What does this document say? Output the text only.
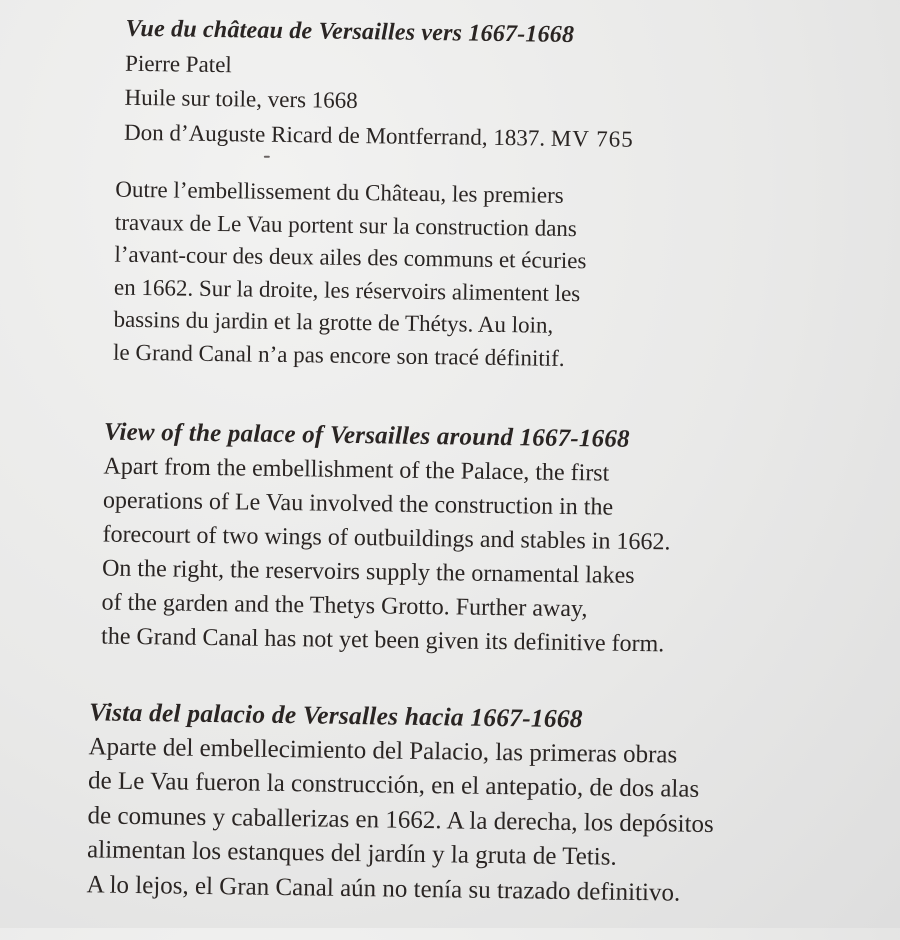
Vue du château de Versailles vers 1667-1668
Pierre Patel
Huile sur toile, vers 1668
Don d’Auguste Ricard de Montferrand, 1837. MV 765
Outre l’embellissement du Château, les premiers
travaux de Le Vau portent sur la construction dans
l’avant-cour des deux ailes des communs et écuries
en 1662. Sur la droite, les réservoirs alimentent les
bassins du jardin et la grotte de Thétys. Au loin,
le Grand Canal n’a pas encore son tracé définitif.
View of the palace of Versailles around 1667-1668
Apart from the embellishment of the Palace, the first
operations of Le Vau involved the construction in the
forecourt of two wings of outbuildings and stables in 1662.
On the right, the reservoirs supply the ornamental lakes
of the garden and the Thetys Grotto. Further away,
the Grand Canal has not yet been given its definitive form.
Vista del palacio de Versalles hacia 1667-1668
Aparte del embellecimiento del Palacio, las primeras obras
de Le Vau fueron la construcción, en el antepatio, de dos alas
de comunes y caballerizas en 1662. A la derecha, los depósitos
alimentan los estanques del jardín y la gruta de Tetis.
A lo lejos, el Gran Canal aún no tenía su trazado definitivo.
